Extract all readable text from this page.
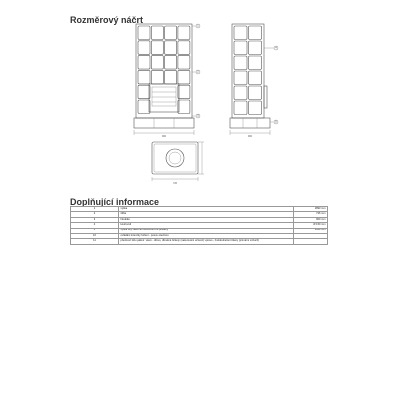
Rozměrový náčrt
900
1
2
3
900
4
5
726
Doplňující informace
1	výška	1893 mm
2	šířka	726 mm
3	hloubka	900 mm
4	kouřovod	Ø 150 mm
5	výška osy zadního kouřovodu od podlahy	1629 mm
10	ovládání intenzity hoření - posuv otevřeno	
11	přednosť štítu pálení: vlevo - dřevo, dřevěné brikety (nakurování uzšuvít) vpravo - hnědouhelné brikety (primární vzduch)	
